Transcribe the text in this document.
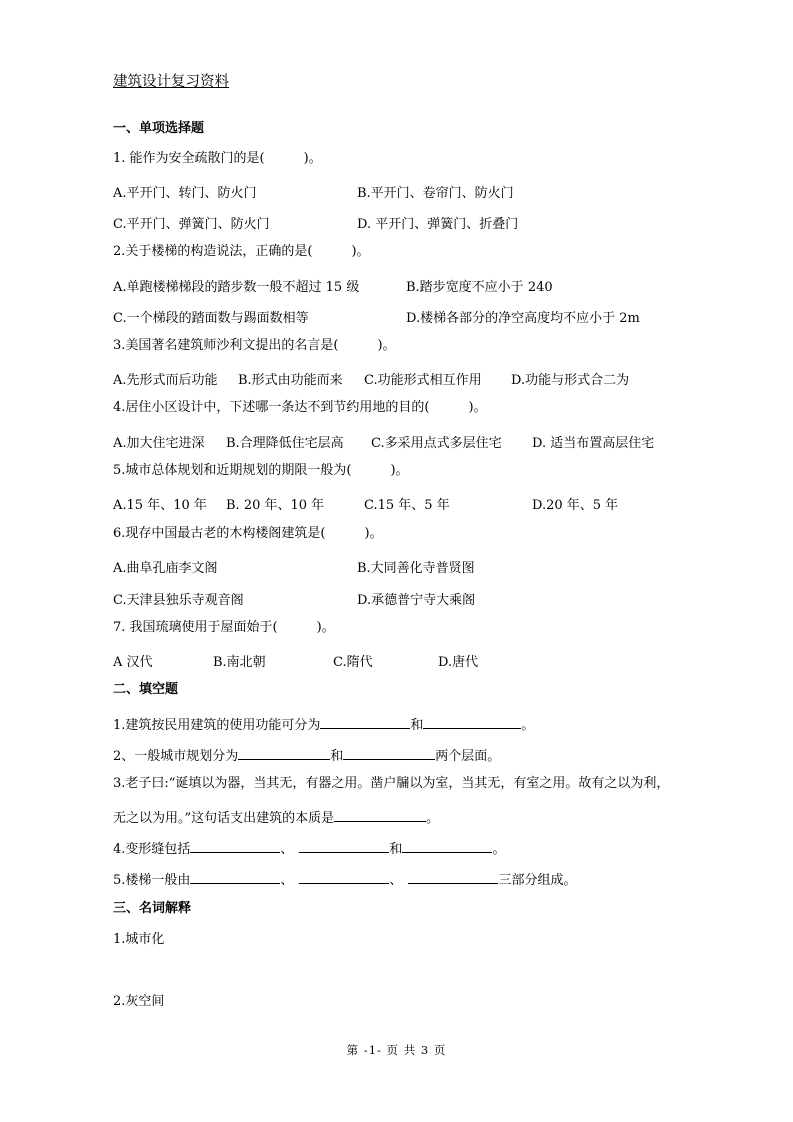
建筑设计复习资料
一、单项选择题
1. 能作为安全疏散门的是(　　　)。
A.平开门、转门、防火门	B.平开门、卷帘门、防火门
C.平开门、弹簧门、防火门	D. 平开门、弹簧门、折叠门
2.关于楼梯的构造说法，正确的是(　　　)。
A.单跑楼梯梯段的踏步数一般不超过 15 级	B.踏步宽度不应小于 240
C.一个梯段的踏面数与踢面数相等	D.楼梯各部分的净空高度均不应小于 2m
3.美国著名建筑师沙利文提出的名言是(　　　)。
A.先形式而后功能 B.形式由功能而来 C.功能形式相互作用 D.功能与形式合二为
4.居住小区设计中，下述哪一条达不到节约用地的目的(　　　)。
A.加大住宅进深 B.合理降低住宅层高 C.多采用点式多层住宅 D. 适当布置高层住宅
5.城市总体规划和近期规划的期限一般为(　　　)。
A.15 年、10 年 B. 20 年、10 年	C.15 年、5 年	D.20 年、5 年
6.现存中国最古老的木构楼阁建筑是(　　　)。
A.曲阜孔庙李文阁	B.大同善化寺普贤图
C.天津县独乐寺观音阁	D.承德普宁寺大乘阁
7. 我国琉璃使用于屋面始于(　　　)。
A 汉代	B.南北朝	C.隋代	D.唐代
二、填空题
1.建筑按民用建筑的使用功能可分为	和	。
2、一般城市规划分为	和	两个层面。
3.老子曰:“诞填以为器，当其无，有器之用。凿户牖以为室，当其无，有室之用。故有之以为利，
无之以为用。”这句话支出建筑的本质是	。
4.变形缝包括	、	和	。
5.楼梯一般由	、	、	三部分组成。
三、名词解释
1.城市化
2.灰空间
第 -1- 页 共 3 页
